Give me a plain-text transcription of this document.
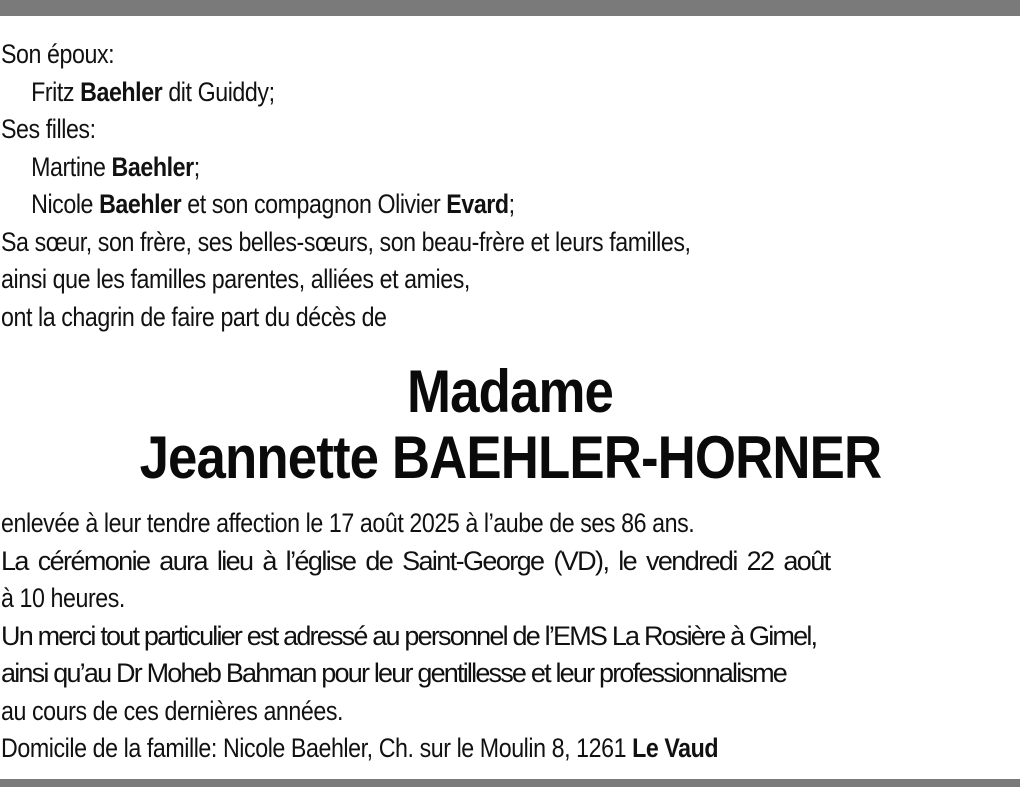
Son époux:
Fritz Baehler dit Guiddy;
Ses filles:
Martine Baehler;
Nicole Baehler et son compagnon Olivier Evard;
Sa sœur, son frère, ses belles-sœurs, son beau-frère et leurs familles,
ainsi que les familles parentes, alliées et amies,
ont la chagrin de faire part du décès de
Madame
Jeannette BAEHLER-HORNER
enlevée à leur tendre affection le 17 août 2025 à l’aube de ses 86 ans.
La cérémonie aura lieu à l’église de Saint-George (VD), le vendredi 22 août
à 10 heures.
Un merci tout particulier est adressé au personnel de l’EMS La Rosière à Gimel,
ainsi qu’au Dr Moheb Bahman pour leur gentillesse et leur professionnalisme
au cours de ces dernières années.
Domicile de la famille: Nicole Baehler, Ch. sur le Moulin 8, 1261 Le Vaud
